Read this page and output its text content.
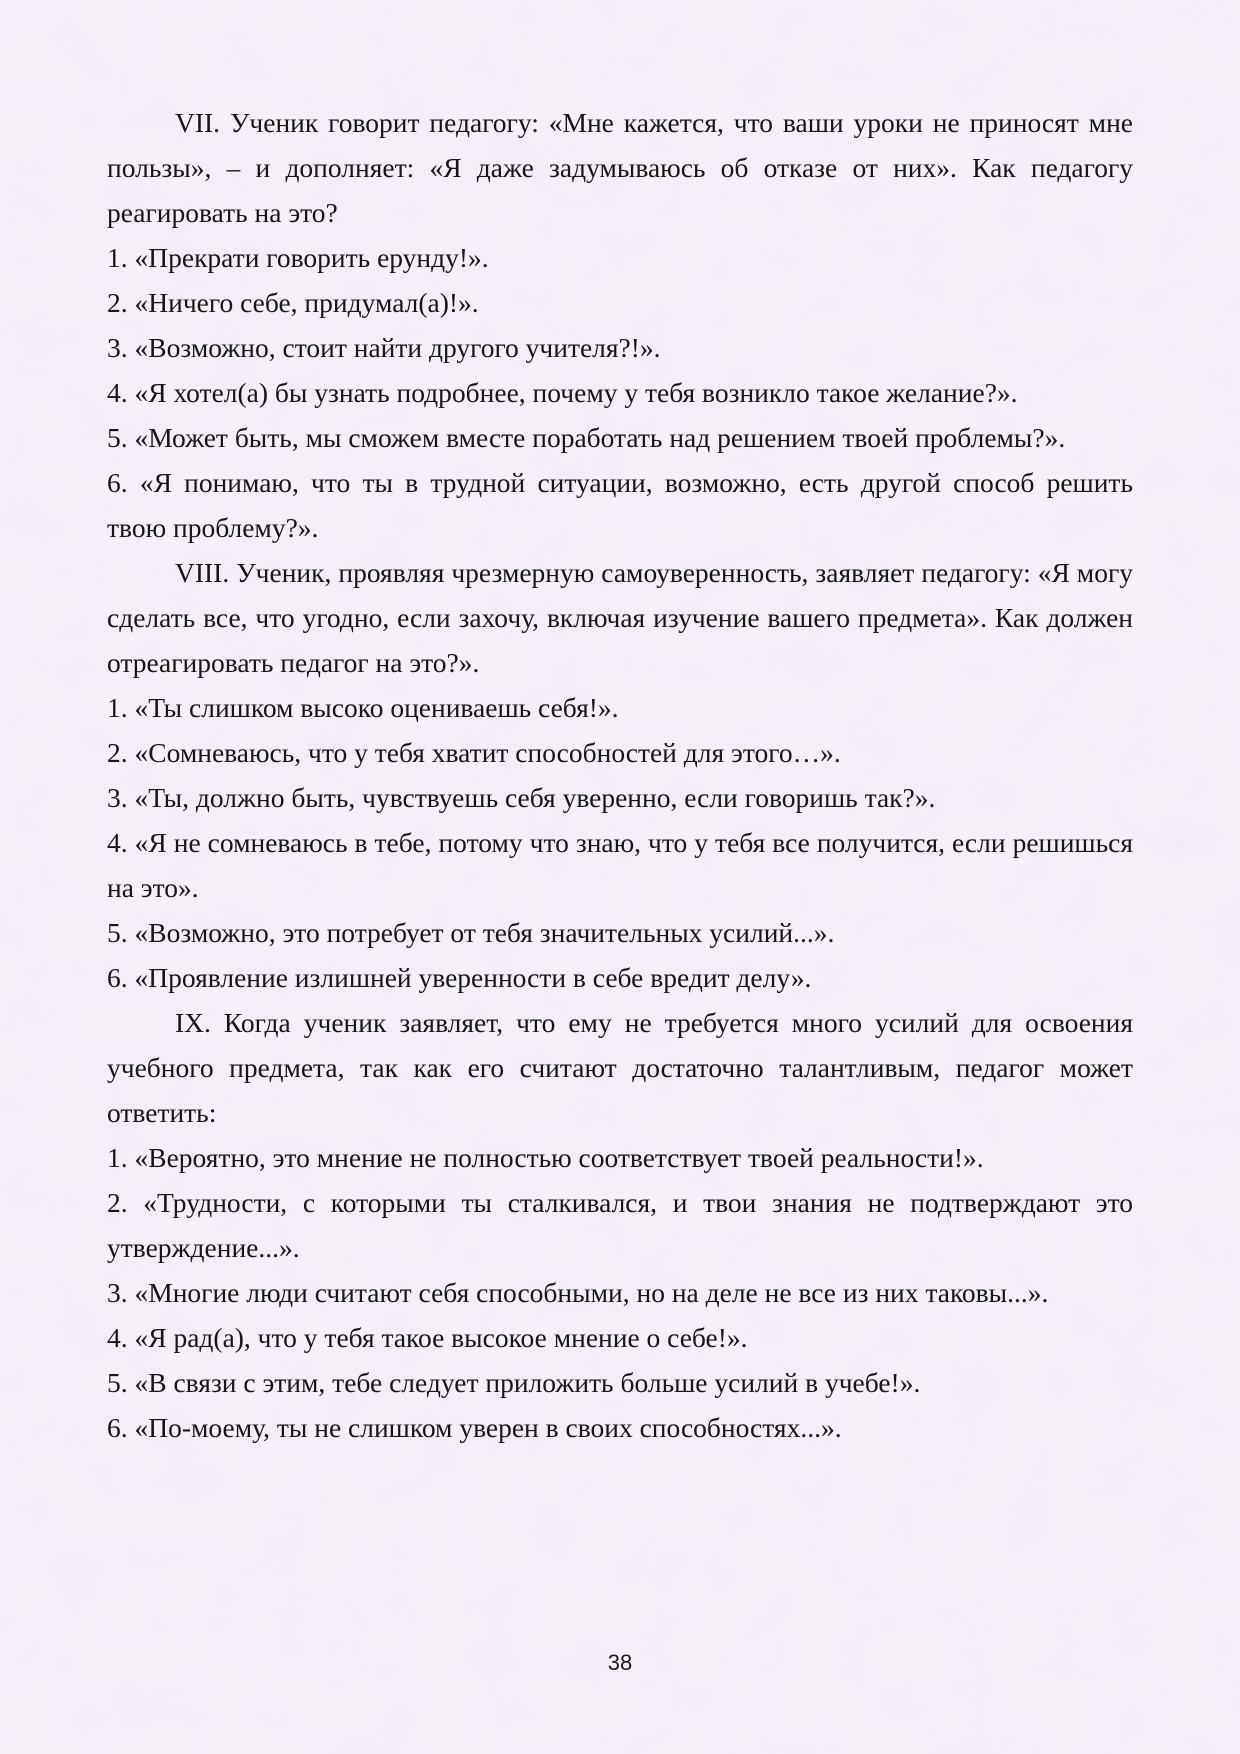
VII. Ученик говорит педагогу: «Мне кажется, что ваши уроки не приносят мне пользы», – и дополняет: «Я даже задумываюсь об отказе от них». Как педагогу реагировать на это?

1. «Прекрати говорить ерунду!».

2. «Ничего себе, придумал(а)!».

3. «Возможно, стоит найти другого учителя?!».

4. «Я хотел(а) бы узнать подробнее, почему у тебя возникло такое желание?».

5. «Может быть, мы сможем вместе поработать над решением твоей проблемы?».

6. «Я понимаю, что ты в трудной ситуации, возможно, есть другой способ решить твою проблему?».

VIII. Ученик, проявляя чрезмерную самоуверенность, заявляет педагогу: «Я могу сделать все, что угодно, если захочу, включая изучение вашего предмета». Как должен отреагировать педагог на это?».

1. «Ты слишком высоко оцениваешь себя!».

2. «Сомневаюсь, что у тебя хватит способностей для этого…».

3. «Ты, должно быть, чувствуешь себя уверенно, если говоришь так?».

4. «Я не сомневаюсь в тебе, потому что знаю, что у тебя все получится, если решишься на это».

5. «Возможно, это потребует от тебя значительных усилий...».

6. «Проявление излишней уверенности в себе вредит делу».

IX. Когда ученик заявляет, что ему не требуется много усилий для освоения учебного предмета, так как его считают достаточно талантливым, педагог может ответить:

1. «Вероятно, это мнение не полностью соответствует твоей реальности!».

2. «Трудности, с которыми ты сталкивался, и твои знания не подтверждают это утверждение...».

3. «Многие люди считают себя способными, но на деле не все из них таковы...».

4. «Я рад(а), что у тебя такое высокое мнение о себе!».

5. «В связи с этим, тебе следует приложить больше усилий в учебе!».

6. «По-моему, ты не слишком уверен в своих способностях...».

38
